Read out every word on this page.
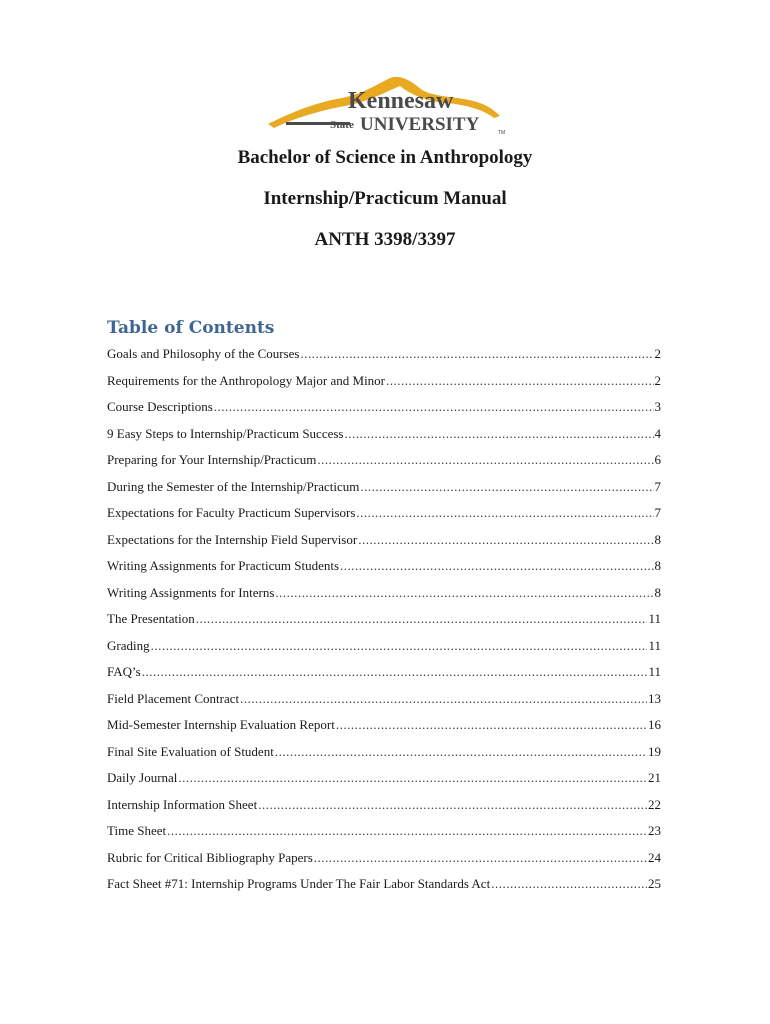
Kennesaw
State UNIVERSITY	TM
Bachelor of Science in Anthropology
Internship/Practicum Manual
ANTH 3398/3397
Table of Contents
Goals and Philosophy of the Courses .....	2
Requirements for the Anthropology Major and Minor .....	2
Course Descriptions .....	3
9 Easy Steps to Internship/Practicum Success .....	4
Preparing for Your Internship/Practicum .....	6
During the Semester of the Internship/Practicum .....	7
Expectations for Faculty Practicum Supervisors .....	7
Expectations for the Internship Field Supervisor .....	8
Writing Assignments for Practicum Students .....	8
Writing Assignments for Interns .....	8
The Presentation .....	11
Grading .....	11
FAQ’s .....	11
Field Placement Contract .....	13
Mid-Semester Internship Evaluation Report .....	16
Final Site Evaluation of Student .....	19
Daily Journal .....	21
Internship Information Sheet .....	22
Time Sheet .....	23
Rubric for Critical Bibliography Papers .....	24
Fact Sheet #71: Internship Programs Under The Fair Labor Standards Act .....	25
